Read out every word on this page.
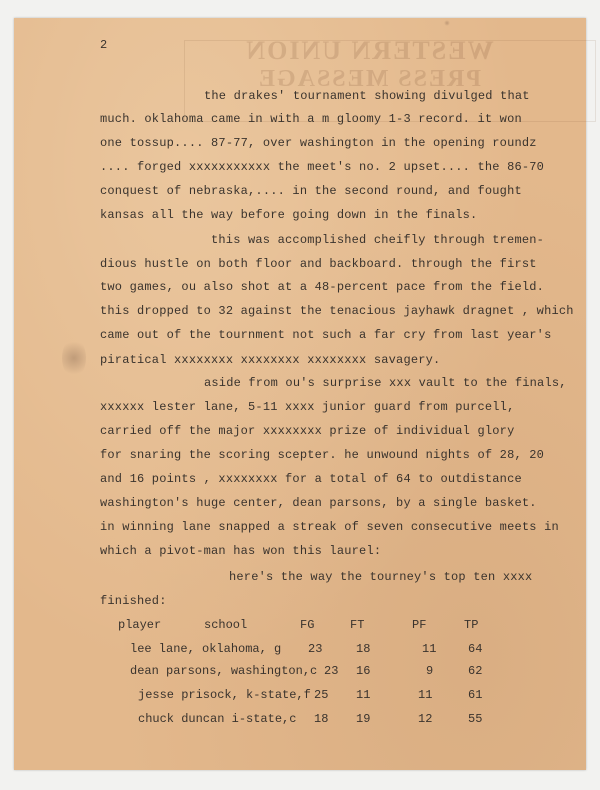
WESTERN UNION
PRESS MESSAGE
2
the drakes' tournament showing divulged that
much. oklahoma came in with a m gloomy 1-3 record. it won
one tossup.... 87-77, over washington in the opening roundz
.... forged xxxxxxxxxxx the meet's no. 2 upset.... the 86-70
conquest of nebraska,.... in the second round, and fought
kansas all the way before going down in the finals.
this was accomplished cheifly through tremen-
dious hustle on both floor and backboard. through the first
two games, ou also shot at a 48-percent pace from the field.
this dropped to 32 against the tenacious jayhawk dragnet , which
came out of the tournment not such a far cry from last year's
piratical xxxxxxxx xxxxxxxx xxxxxxxx savagery.
aside from ou's surprise xxx vault to the finals,
xxxxxx lester lane, 5-11 xxxx junior guard from purcell,
carried off the major xxxxxxxx prize of individual glory
for snaring the scoring scepter. he unwound nights of 28, 20
and 16 points , xxxxxxxx for a total of 64 to outdistance
washington's huge center, dean parsons, by a single basket.
in winning lane snapped a streak of seven consecutive meets in
which a pivot-man has won this laurel:
here's the way the tourney's top ten xxxx
finished:
player	school	FG	FT	PF	TP
lee lane, oklahoma, g 23	18	11	64
dean parsons, washington,c 23 16	9	62
jesse prisock, k-state,f 25 11	11	61
chuck duncan i-state,c 18 19	12	55
